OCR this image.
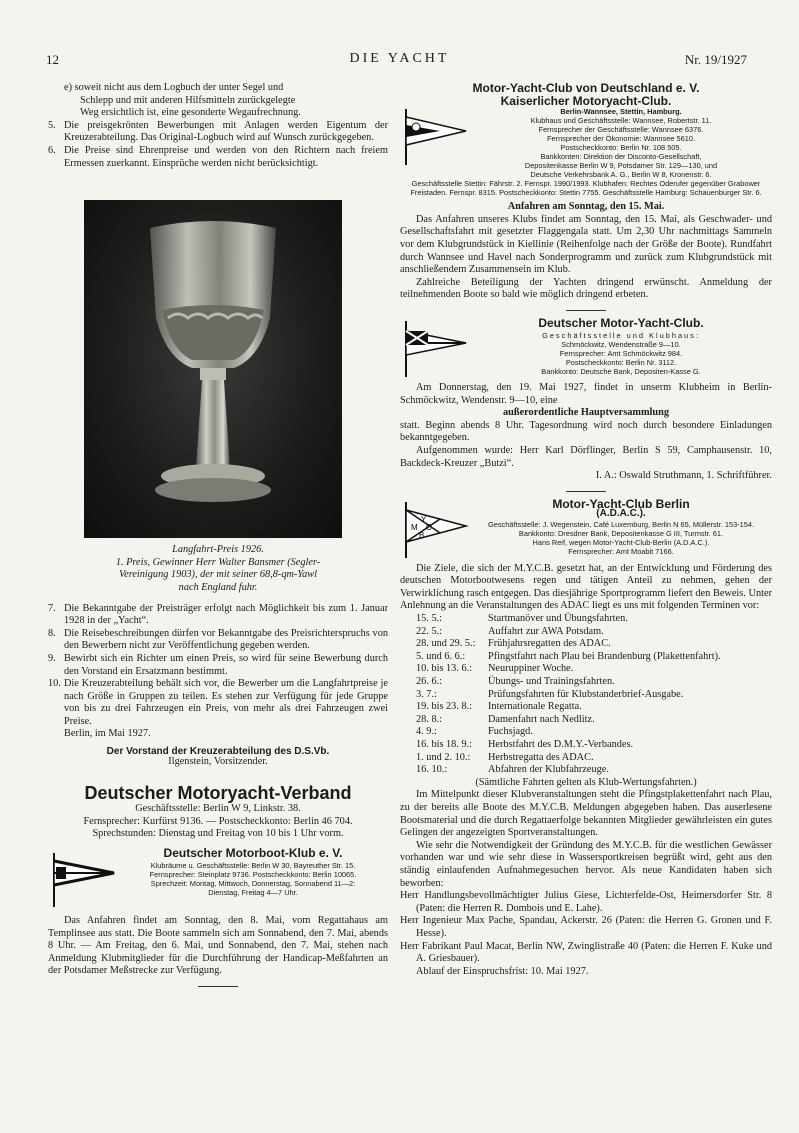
12	DIE YACHT	Nr. 19/1927

e) soweit nicht aus dem Logbuch der unter Segel und

Schlepp und mit anderen Hilfsmitteln zurückgelegte

Weg ersichtlich ist, eine gesonderte Wegaufrechnung.

5. Die preisgekrönten Bewerbungen mit Anlagen werden Eigentum der Kreuzerabteilung. Das Original-Logbuch wird auf Wunsch zurückgegeben.
6. Die Preise sind Ehrenpreise und werden von den Richtern nach freiem Ermessen zuerkannt. Einsprüche werden nicht berücksichtigt.

Langfahrt-Preis 1926.

1. Preis, Gewinner Herr Walter Bansmer (Segler-

Vereinigung 1903), der mit seiner 68,8-qm-Yawl

nach England fuhr.

7. Die Bekanntgabe der Preisträger erfolgt nach Möglichkeit bis zum 1. Januar 1928 in der „Yacht“.
8. Die Reisebeschreibungen dürfen vor Bekanntgabe des Preisrichterspruchs von den Bewerbern nicht zur Veröffentlichung gegeben werden.
9. Bewirbt sich ein Richter um einen Preis, so wird für seine Bewerbung durch den Vorstand ein Ersatzmann bestimmt.
10. Die Kreuzerabteilung behält sich vor, die Bewerber um die Langfahrtpreise je nach Größe in Gruppen zu teilen. Es stehen zur Verfügung für jede Gruppe von bis zu drei Fahrzeugen ein Preis, von mehr als drei Fahrzeugen zwei Preise.

Berlin, im Mai 1927.

Der Vorstand der Kreuzerabteilung des D.S.Vb.

Ilgenstein, Vorsitzender.

Deutscher Motoryacht-Verband

Geschäftsstelle: Berlin W 9, Linkstr. 38.

Fernsprecher: Kurfürst 9136. — Postscheckkonto: Berlin 46 704.

Sprechstunden: Dienstag und Freitag von 10 bis 1 Uhr vorm.

Deutscher Motorboot-Klub e. V.

Klubräume u. Geschäftsstelle: Berlin W 30, Bayreuther Str. 15.

Fernsprecher: Steinplatz 9736. Postscheckkonto: Berlin 10065.

Sprechzeit: Montag, Mittwoch, Donnerstag, Sonnabend 11—2:

Dienstag, Freitag 4—7 Uhr.

Das Anfahren findet am Sonntag, den 8. Mai, vom Regattahaus am Templinsee aus statt. Die Boote sammeln sich am Sonnabend, den 7. Mai, abends 8 Uhr. — Am Freitag, den 6. Mai, und Sonnabend, den 7. Mai, stehen nach Anmeldung Klubmitglieder für die Durchführung der Handicap-Meßfahrten an der Potsdamer Meßstrecke zur Verfügung.

Motor-Yacht-Club von Deutschland e. V.

Kaiserlicher Motoryacht-Club.

Berlin-Wannsee, Stettin, Hamburg.

Klubhaus und Geschäftsstelle: Wannsee, Robertstr. 11.

Fernsprecher der Geschäftsstelle: Wannsee 6376.

Fernsprecher der Ökonomie: Wannsee 5610.

Postscheckkonto: Berlin Nr. 108 505.

Bankkonten: Direktion der Disconto-Gesellschaft,

Depositenkasse Berlin W 9, Potsdamer Str. 129—130, und

Deutsche Verkehrsbank A. G., Berlin W 8, Kronenstr. 6.

Geschäftsstelle Stettin: Fährstr. 2. Fernspr. 1990/1993. Klubhafen: Rechtes Oderufer gegenüber Grabower Freistaden. Fernspr. 8315. Postscheckkonto: Stettin 7755. Geschäftsstelle Hamburg: Schauenburger Str. 6.

Anfahren am Sonntag, den 15. Mai.

Das Anfahren unseres Klubs findet am Sonntag, den 15. Mai, als Geschwader- und Gesellschaftsfahrt mit gesetzter Flaggengala statt. Um 2,30 Uhr nachmittags Sammeln vor dem Klubgrundstück in Kiellinie (Reihenfolge nach der Größe der Boote). Rundfahrt durch Wannsee und Havel nach Sonderprogramm und zurück zum Klubgrundstück mit anschließendem Zusammensein im Klub.

Zahlreiche Beteiligung der Yachten dringend erwünscht. Anmeldung der teilnehmenden Boote so bald wie möglich dringend erbeten.

Deutscher Motor-Yacht-Club.

Geschäftsstelle und Klubhaus:

Schmöckwitz, Wendenstraße 9—10.

Fernsprecher: Amt Schmöckwitz 984.

Postscheckkonto: Berlin Nr. 3112.

Bankkonto: Deutsche Bank, Depositen-Kasse G.

Am Donnerstag, den 19. Mai 1927, findet in unserm Klubheim in Berlin-Schmöckwitz, Wendenstr. 9—10, eine

außerordentliche Hauptversammlung

statt. Beginn abends 8 Uhr. Tagesordnung wird noch durch besondere Einladungen bekanntgegeben.

Aufgenommen wurde: Herr Karl Dörflinger, Berlin S 59, Camphausenstr. 10, Backdeck-Kreuzer „Butzi“.

I. A.: Oswald Struthmann, 1. Schriftführer.

M
Y
C
B
Motor-Yacht-Club Berlin
(A.D.A.C.).

Geschäftsstelle: J. Wegenstein, Café Luxemburg, Berlin N 65, Müllerstr. 153-154.

Bankkonto: Dresdner Bank, Depositenkasse G III, Turmstr. 61.

Hans Reif, wegen Motor-Yacht-Club-Berlin (A.D.A.C.).

Fernsprecher: Amt Moabit 7166.

Die Ziele, die sich der M.Y.C.B. gesetzt hat, an der Entwicklung und Förderung des deutschen Motorbootwesens regen und tätigen Anteil zu nehmen, gehen der Verwirklichung rasch entgegen. Das diesjährige Sportprogramm liefert den Beweis. Unter Anlehnung an die Veranstaltungen des ADAC liegt es uns mit folgenden Terminen vor:

15. 5.:	Startmanöver und Übungsfahrten.
22. 5.:	Auffahrt zur AWA Potsdam.
28. und 29. 5.:	Frühjahrsregatten des ADAC.
5. und 6. 6.:	Pfingstfahrt nach Plau bei Brandenburg (Plakettenfahrt).
10. bis 13. 6.:	Neuruppiner Woche.
26. 6.:	Übungs- und Trainingsfahrten.
3. 7.:	Prüfungsfahrten für Klubstanderbrief-Ausgabe.
19. bis 23. 8.:	Internationale Regatta.
28. 8.:	Damenfahrt nach Nedlitz.
4. 9.:	Fuchsjagd.
16. bis 18. 9.:	Herbstfahrt des D.M.Y.-Verbandes.
1. und 2. 10.:	Herbstregatta des ADAC.
16. 10.:	Abfahren der Klubfahrzeuge.

(Sämtliche Fahrten gelten als Klub-Wertungsfahrten.)

Im Mittelpunkt dieser Klubveranstaltungen steht die Pfingstplakettenfahrt nach Plau, zu der bereits alle Boote des M.Y.C.B. Meldungen abgegeben haben. Das auserlesene Bootsmaterial und die durch Regattaerfolge bekannten Mitglieder gewährleisten ein gutes Gelingen der angezeigten Sportveranstaltungen.

Wie sehr die Notwendigkeit der Gründung des M.Y.C.B. für die westlichen Gewässer vorhanden war und wie sehr diese in Wassersportkreisen begrüßt wird, geht aus den ständig einlaufenden Aufnahmegesuchen hervor. Als neue Kandidaten haben sich beworben:

Herr Handlungsbevollmächtigter Julius Giese, Lichterfelde-Ost, Heimersdorfer Str. 8 (Paten: die Herren R. Dombois und E. Lahe).

Herr Ingenieur Max Pache, Spandau, Ackerstr. 26 (Paten: die Herren G. Gronen und F. Hesse).

Herr Fabrikant Paul Macat, Berlin NW, Zwinglistraße 40 (Paten: die Herren F. Kuke und A. Griesbauer).

Ablauf der Einspruchsfrist: 10. Mai 1927.
